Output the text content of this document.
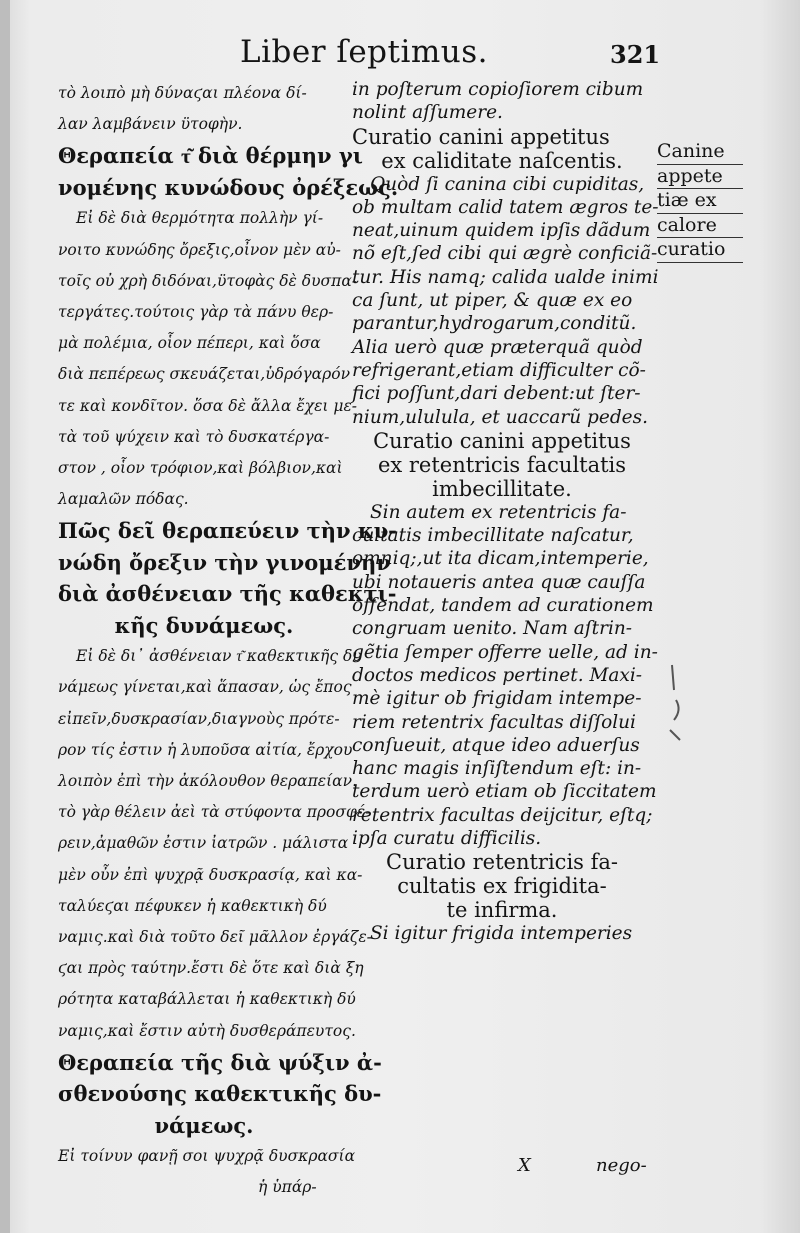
Liber ſeptimus.	321
τὸ λοιπὸ μὴ δύναϛαι πλέονα δί-
λαν λαμβάνειν ϋτοφὴν.
Θεραπεία τ͂ διὰ θέρμην γι
νομένης κυνώδους ὀρέξεως.
Εἰ δὲ διὰ θερμότητα πολλὴν γί-
νοιτο κυνώδης ὄρεξις,οἶνον μὲν αὐ-
τοῖς οὐ χρὴ διδόναι,ϋτοφὰς δὲ δυσπα-
τεργάτες.τούτοις γὰρ τὰ πάνυ θερ-
μὰ πολέμια, οἷον πέπερι, καὶ ὅσα
διὰ πεπέρεως σκευάζεται,ὑδρόγαρόν
τε καὶ κονδῖτον. ὅσα δὲ ἄλλα ἔχει με-
τὰ τοῦ ψύχειν καὶ τὸ δυσκατέργα-
στον , οἷον τρόφιον,καὶ βόλβιον,καὶ
λαμαλῶν πόδας.
Πῶς δεῖ θεραπεύειν τὴν κυ-
νώδη ὄρεξιν τὴν γινομένην
διὰ ἀσθένειαν τῆς καθεκτι-
κῆς δυνάμεως.
Εἰ δὲ δι᾿ ἀσθένειαν τ͂ καθεκτικῆς δυ
νάμεως γίνεται,καὶ ἅπασαν, ὡς ἔπος
εἰπεῖν,δυσκρασίαν,διαγνοὺς πρότε-
ρον τίς ἐστιν ἡ λυποῦσα αἰτία, ἔρχου
λοιπὸν ἐπὶ τὴν ἀκόλουθον θεραπείαν.
τὸ γὰρ θέλειν ἀεὶ τὰ στύφοντα προσφέ-
ρειν,ἀμαθῶν ἐστιν ἰατρῶν . μάλιστα
μὲν οὖν ἐπὶ ψυχρᾷ δυσκρασίᾳ, καὶ κα-
ταλύεϛαι πέφυκεν ἡ καθεκτικὴ δύ
ναμις.καὶ διὰ τοῦτο δεῖ μᾶλλον ἐργάζε-
ϛαι πρὸς ταύτην.ἔστι δὲ ὅτε καὶ διὰ ξη
ρότητα καταβάλλεται ἡ καθεκτικὴ δύ
ναμις,καὶ ἔστιν αὐτὴ δυσθεράπευτος.
Θεραπεία τῆς διὰ ψύξιν ἀ-
σθενούσης καθεκτικῆς δυ-
νάμεως.
Εἰ τοίνυν φανῇ σοι ψυχρᾷ δυσκρασία
ἡ ὑπάρ-
in poſterum copioſiorem cibum
nolint aſſumere.
Curatio canini appetitus
ex caliditate naſcentis.
Quòd ſi canina cibi cupiditas,
ob multam calid tatem ægros te-
neat,uinum quidem ipſis dãdum
nõ eſt,ſed cibi qui ægrè conficiã-
tur. His namq; calida ualde inimi
ca ſunt, ut piper, & quæ ex eo
parantur,hydrogarum,conditũ.
Alia uerò quæ præterquã quòd
refrigerant,etiam difficulter cõ-
fici poſſunt,dari debent:ut ſter-
nium,ululula, et uaccarũ pedes.
Curatio canini appetitus
ex retentricis facultatis
imbecillitate.
Sin autem ex retentricis fa-
cultatis imbecillitate naſcatur,
omniq;,ut ita dicam,intemperie,
ubi notaueris antea quæ cauſſa
offendat, tandem ad curationem
congruam uenito. Nam aſtrin-
gẽtia ſemper offerre uelle, ad in-
doctos medicos pertinet. Maxi-
mè igitur ob frigidam intempe-
riem retentrix facultas diſſolui
conſueuit, atque ideo aduerſus
hanc magis inſiſtendum eſt: in-
terdum uerò etiam ob ſiccitatem
retentrix facultas deijcitur, eſtq;
ipſa curatu difficilis.
Curatio retentricis fa-
cultatis ex frigidita-
te infirma.
Si igitur frigida intemperies
Canine
appete
tiæ ex
calore
curatio
X	nego-
